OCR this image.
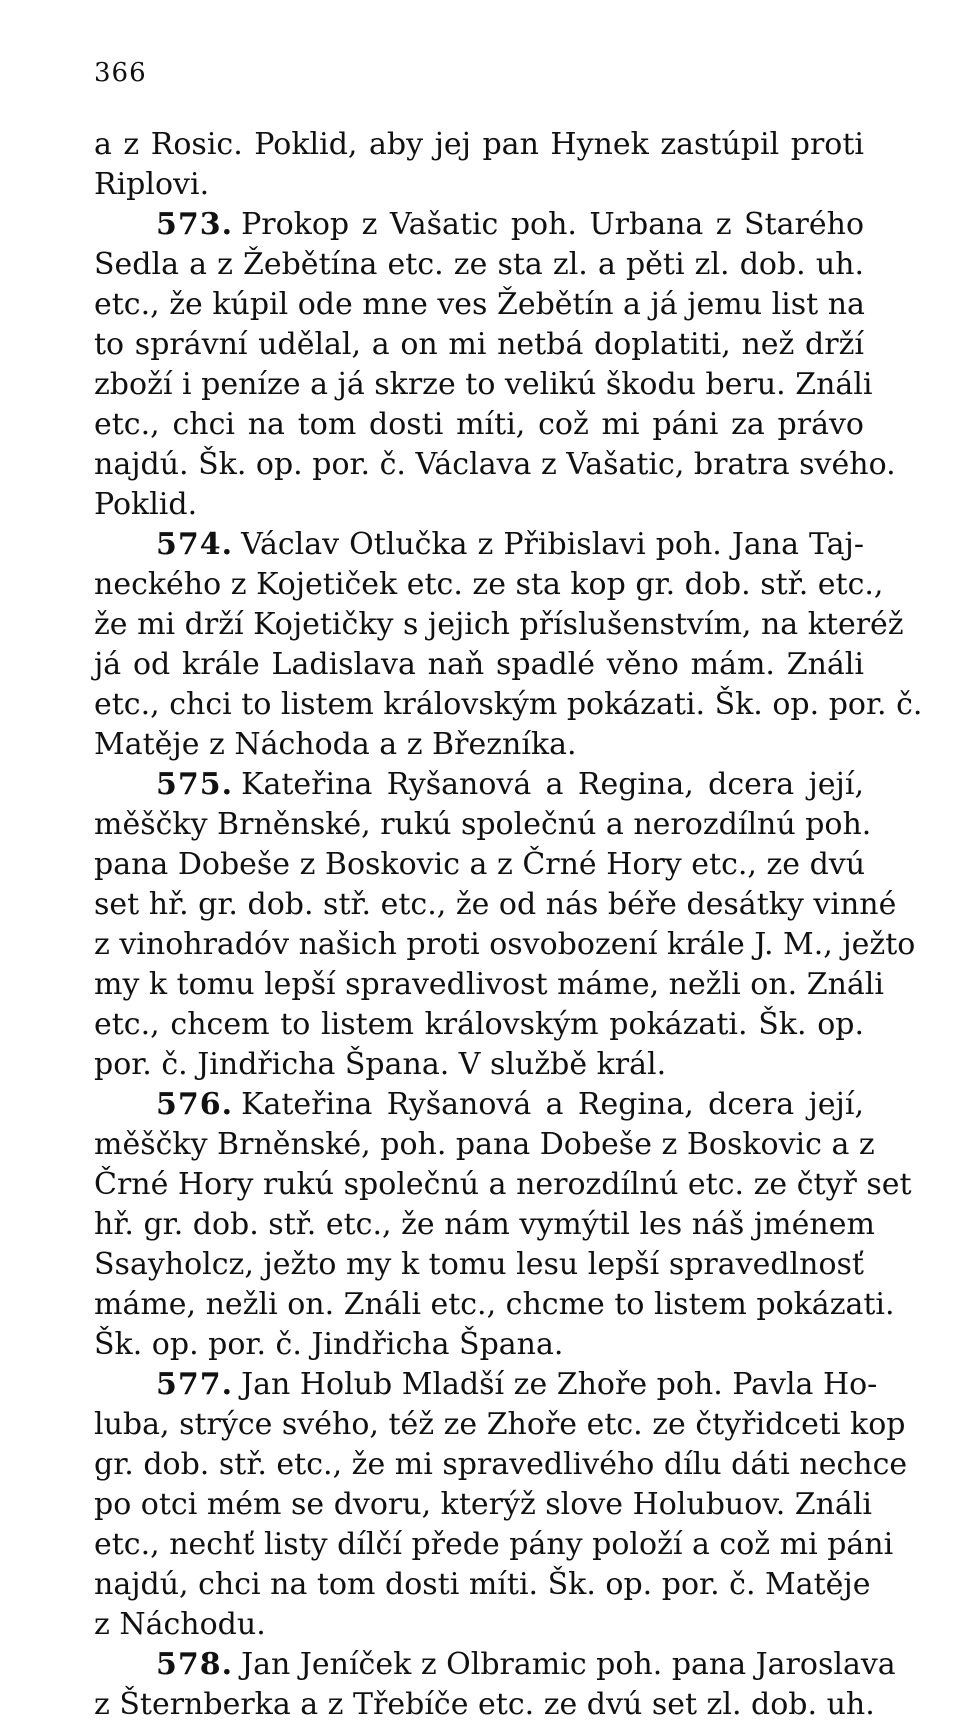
366
a z Rosic. Poklid, aby jej pan Hynek zastúpil proti
Riplovi.
573. Prokop z Vašatic poh. Urbana z Starého
Sedla a z Žebětína etc. ze sta zl. a pěti zl. dob. uh.
etc., že kúpil ode mne ves Žebětín a já jemu list na
to správní udělal, a on mi netbá doplatiti, než drží
zboží i peníze a já skrze to velikú škodu beru. Ználi
etc., chci na tom dosti míti, což mi páni za právo
najdú. Šk. op. por. č. Václava z Vašatic, bratra svého.
Poklid.
574. Václav Otlučka z Přibislavi poh. Jana Taj-
neckého z Kojetiček etc. ze sta kop gr. dob. stř. etc.,
že mi drží Kojetičky s jejich příslušenstvím, na kteréž
já od krále Ladislava naň spadlé věno mám. Ználi
etc., chci to listem královským pokázati. Šk. op. por. č.
Matěje z Náchoda a z Březníka.
575. Kateřina Ryšanová a Regina, dcera její,
měščky Brněnské, rukú společnú a nerozdílnú poh.
pana Dobeše z Boskovic a z Črné Hory etc., ze dvú
set hř. gr. dob. stř. etc., že od nás béře desátky vinné
z vinohradóv našich proti osvobození krále J. M., ježto
my k tomu lepší spravedlivost máme, nežli on. Ználi
etc., chcem to listem královským pokázati. Šk. op.
por. č. Jindřicha Špana. V službě král.
576. Kateřina Ryšanová a Regina, dcera její,
měščky Brněnské, poh. pana Dobeše z Boskovic a z
Črné Hory rukú společnú a nerozdílnú etc. ze čtyř set
hř. gr. dob. stř. etc., že nám vymýtil les náš jménem
Ssayholcz, ježto my k tomu lesu lepší spravedlnosť
máme, nežli on. Ználi etc., chcme to listem pokázati.
Šk. op. por. č. Jindřicha Špana.
577. Jan Holub Mladší ze Zhoře poh. Pavla Ho-
luba, strýce svého, též ze Zhoře etc. ze čtyřidceti kop
gr. dob. stř. etc., že mi spravedlivého dílu dáti nechce
po otci mém se dvoru, kterýž slove Holubuov. Ználi
etc., nechť listy dílčí přede pány položí a což mi páni
najdú, chci na tom dosti míti. Šk. op. por. č. Matěje
z Náchodu.
578. Jan Jeníček z Olbramic poh. pana Jaroslava
z Šternberka a z Třebíče etc. ze dvú set zl. dob. uh.
